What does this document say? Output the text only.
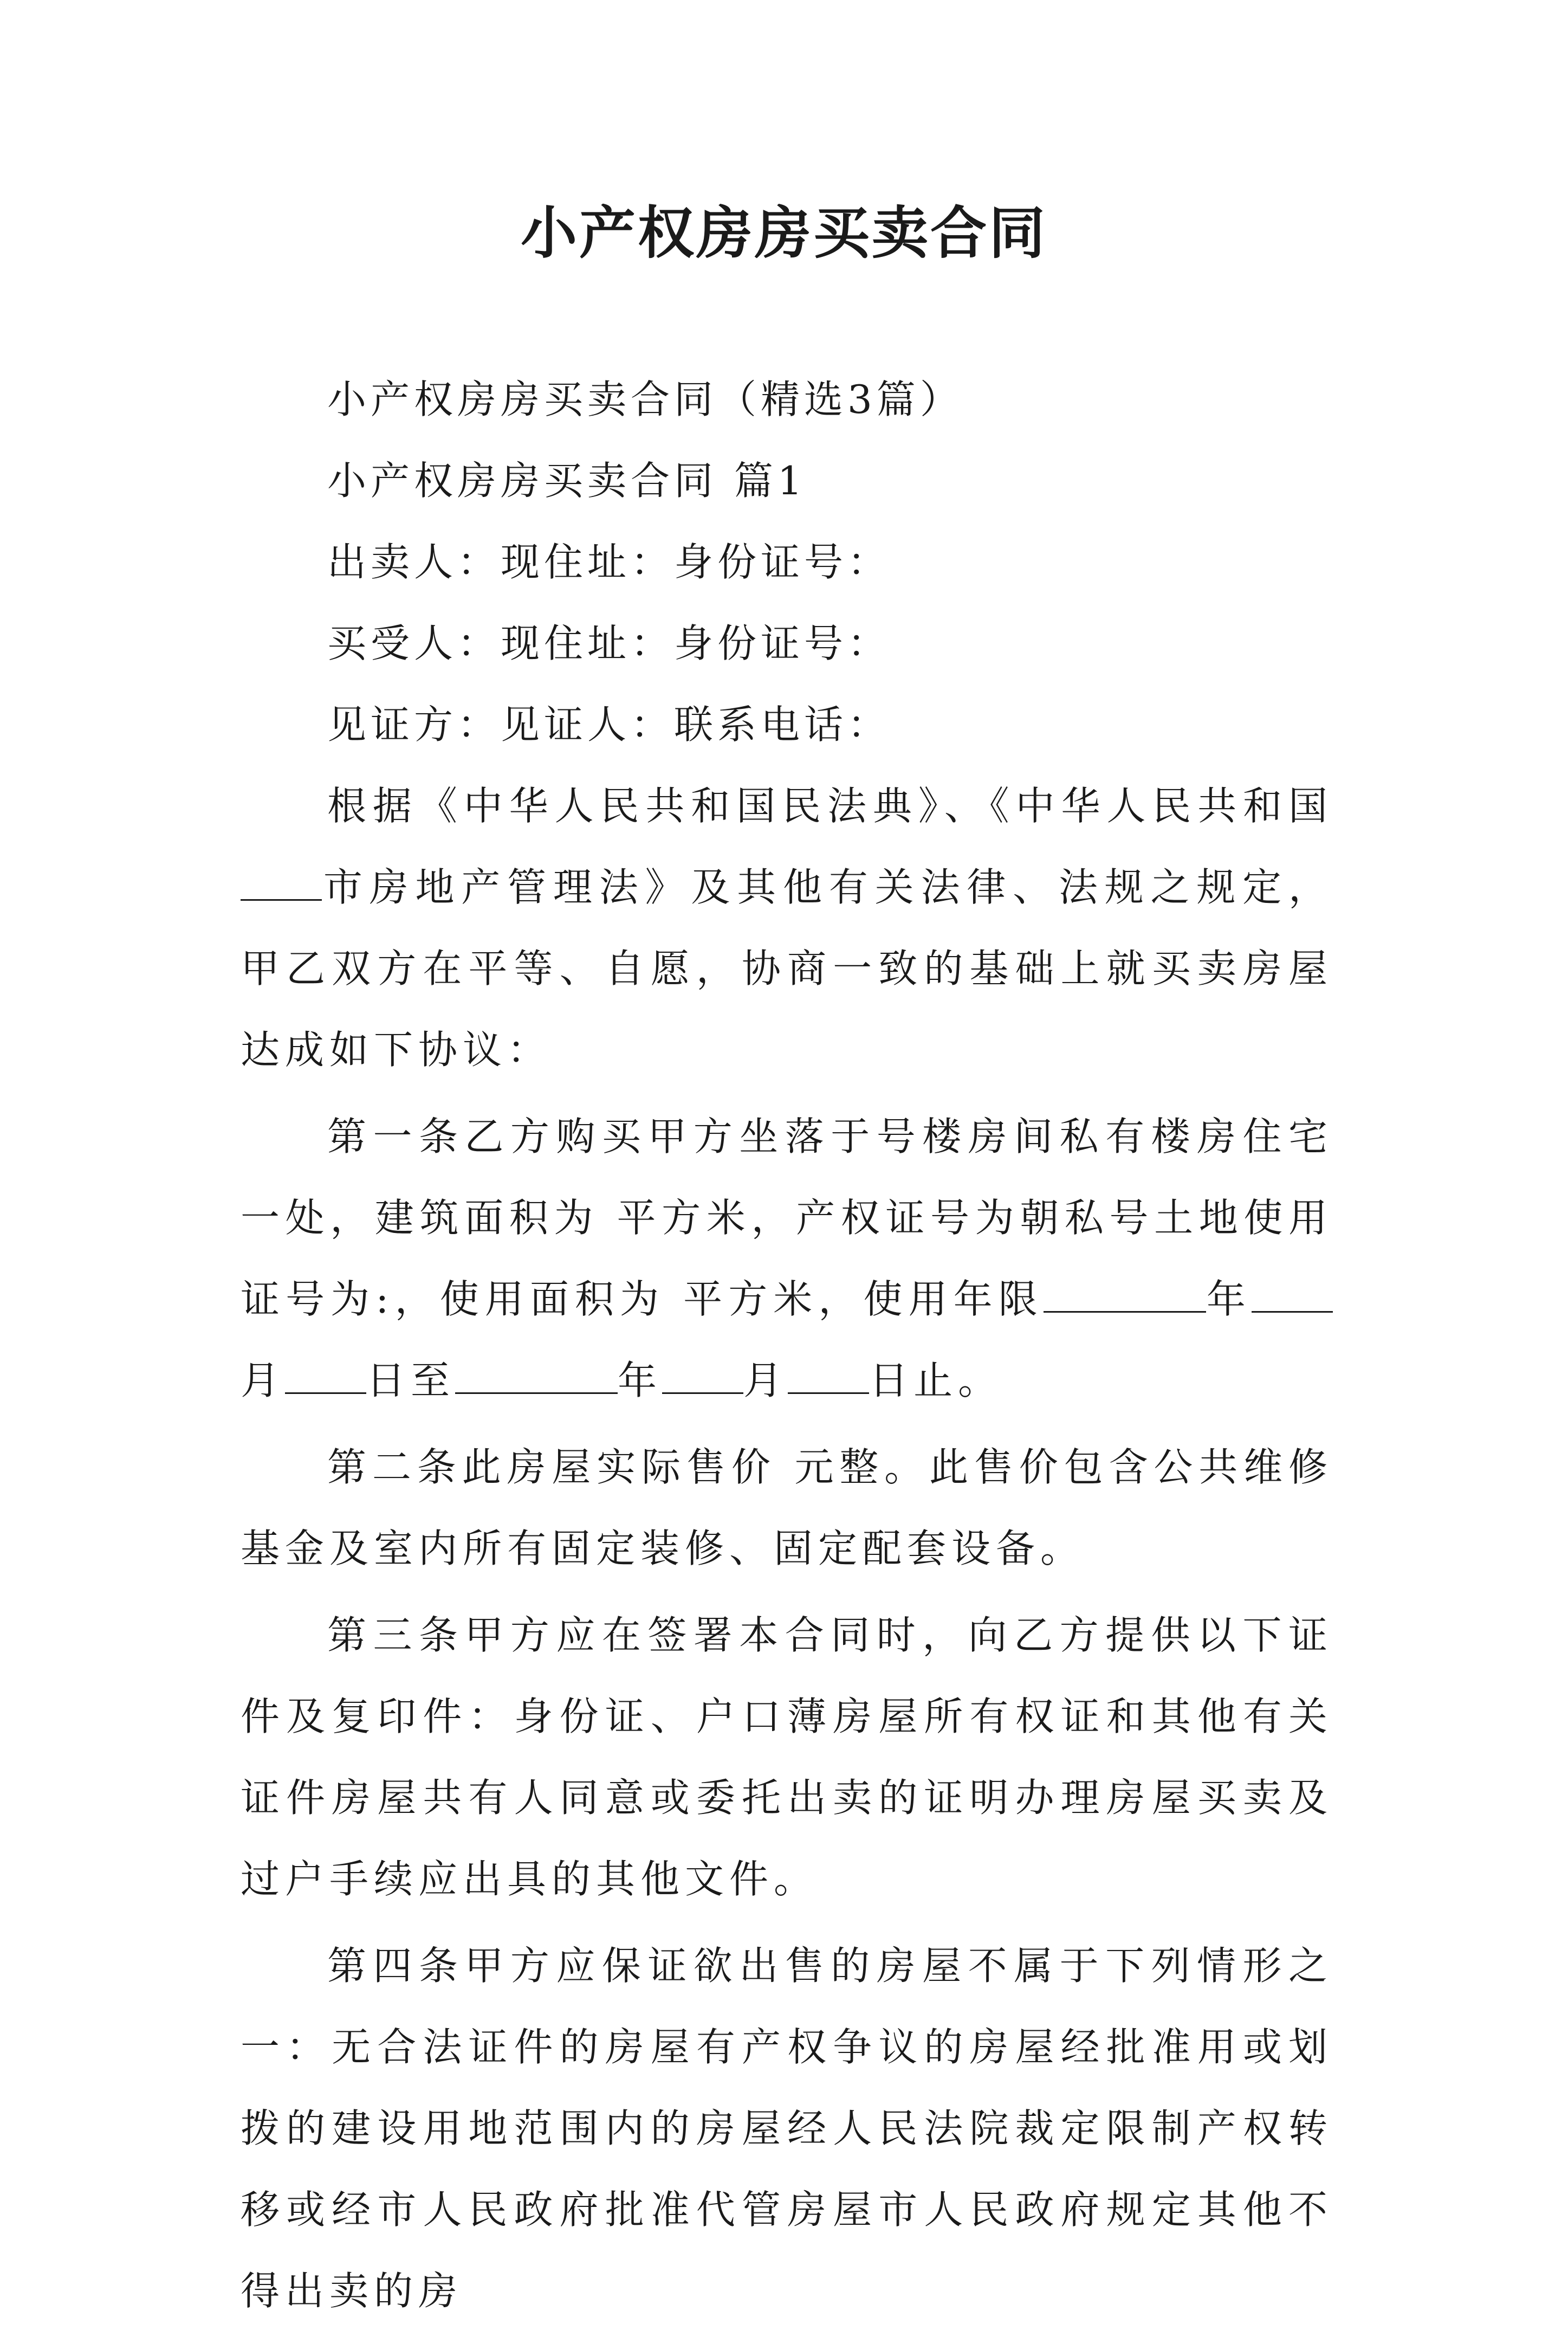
小产权房房买卖合同
小产权房房买卖合同（精选3篇）
小产权房房买卖合同 篇1
出卖人：现住址：身份证号：
买受人：现住址：身份证号：
见证方：见证人：联系电话：
根据《中华人民共和国民法典》、《中华人民共和国市房地产管理法》及其他有关法律、法规之规定，甲乙双方在平等、自愿，协商一致的基础上就买卖房屋达成如下协议：
第一条乙方购买甲方坐落于号楼房间私有楼房住宅一处，建筑面积为 平方米，产权证号为朝私号土地使用证号为:，使用面积为 平方米，使用年限	年月 日至	年 月 日止。
第二条此房屋实际售价 元整。此售价包含公共维修基金及室内所有固定装修、固定配套设备。
第三条甲方应在签署本合同时，向乙方提供以下证件及复印件：身份证、户口薄房屋所有权证和其他有关证件房屋共有人同意或委托出卖的证明办理房屋买卖及过户手续应出具的其他文件。
第四条甲方应保证欲出售的房屋不属于下列情形之一：无合法证件的房屋有产权争议的房屋经批准用或划拨的建设用地范围内的房屋经人民法院裁定限制产权转移或经市人民政府批准代管房屋市人民政府规定其他不得出卖的房
